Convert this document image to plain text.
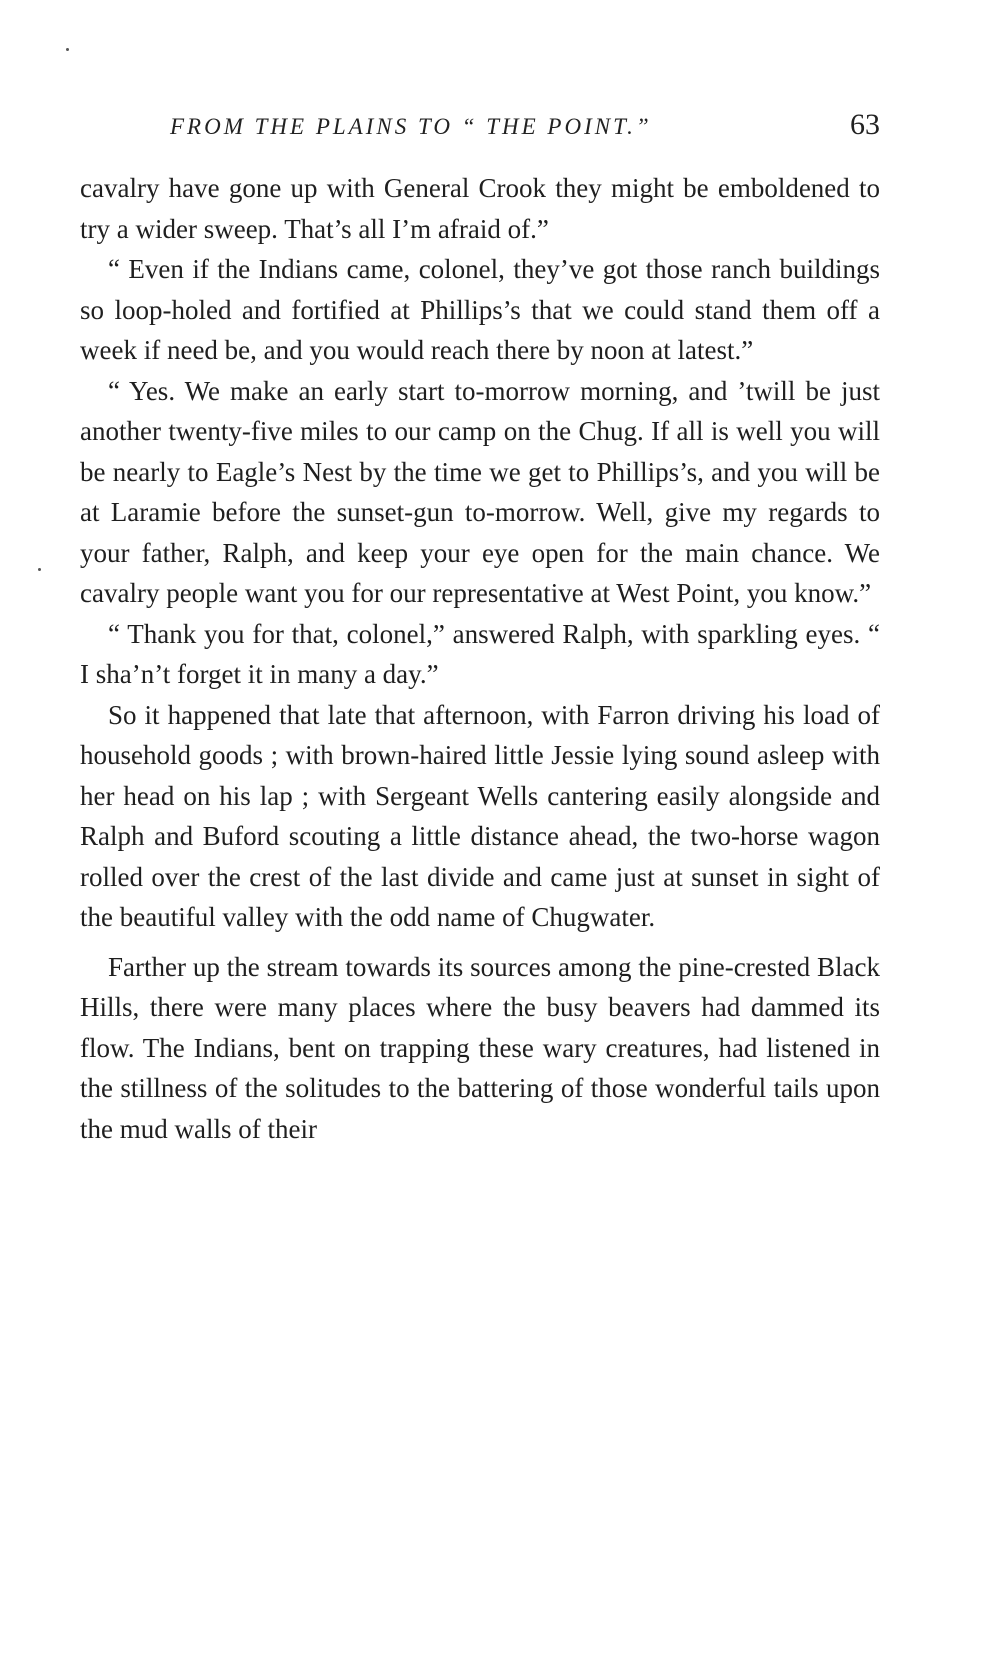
FROM THE PLAINS TO “ THE POINT.”	63

cavalry have gone up with General Crook they might be emboldened to try a wider sweep. That’s all I’m afraid of.”

“ Even if the Indians came, colonel, they’ve got those ranch buildings so loop-holed and fortified at Phillips’s that we could stand them off a week if need be, and you would reach there by noon at latest.”

“ Yes. We make an early start to-morrow morning, and ’twill be just another twenty-five miles to our camp on the Chug. If all is well you will be nearly to Eagle’s Nest by the time we get to Phillips’s, and you will be at Laramie before the sunset-gun to-morrow. Well, give my regards to your father, Ralph, and keep your eye open for the main chance. We cavalry people want you for our representative at West Point, you know.”

“ Thank you for that, colonel,” answered Ralph, with sparkling eyes. “ I sha’n’t forget it in many a day.”

So it happened that late that afternoon, with Farron driving his load of household goods ; with brown-haired little Jessie lying sound asleep with her head on his lap ; with Sergeant Wells cantering easily alongside and Ralph and Buford scouting a little distance ahead, the two-horse wagon rolled over the crest of the last divide and came just at sunset in sight of the beautiful valley with the odd name of Chugwater.

Farther up the stream towards its sources among the pine-crested Black Hills, there were many places where the busy beavers had dammed its flow. The Indians, bent on trapping these wary creatures, had listened in the stillness of the solitudes to the battering of those wonderful tails upon the mud walls of their
